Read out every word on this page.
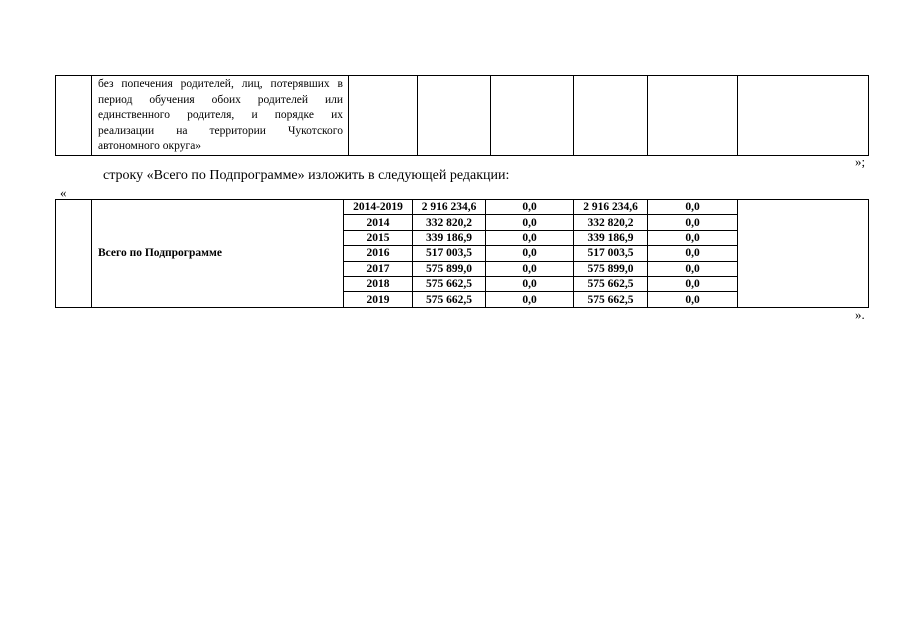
	без попечения родителей, лиц, потерявших в период обучения обоих родителей или единственного родителя, и порядке их реализации на территории Чукотского автономного округа»						
»;
строку «Всего по Подпрограмме» изложить в следующей редакции:
«
	Всего по Подпрограмме	2014-2019	2 916 234,6	0,0	2 916 234,6	0,0	
		2014	332 820,2	0,0	332 820,2	0,0	
		2015	339 186,9	0,0	339 186,9	0,0	
		2016	517 003,5	0,0	517 003,5	0,0	
		2017	575 899,0	0,0	575 899,0	0,0	
		2018	575 662,5	0,0	575 662,5	0,0	
		2019	575 662,5	0,0	575 662,5	0,0	
».
